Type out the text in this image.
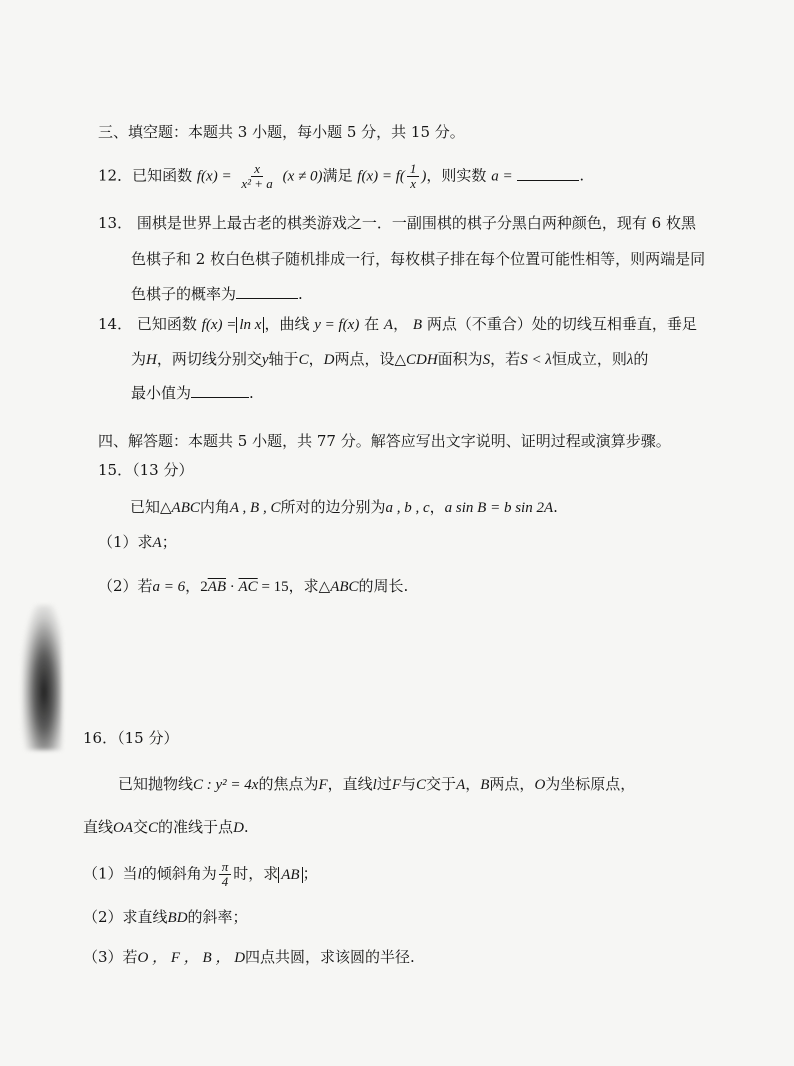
三、填空题：本题共 3 小题，每小题 5 分，共 15 分。
12．已知函数 $f(x) = \frac{x}{\text{x² + a}} (x \ne 0)$满足 $f(x) = f( \frac{1}{x}$ )，则实数 a =	.
13． 围棋是世界上最古老的棋类游戏之一．一副围棋的棋子分黑白两种颜色，现有 6 枚黑
色棋子和 2 枚白色棋子随机排成一行，每枚棋子排在每个位置可能性相等，则两端是同
色棋子的概率为	.
14． 已知函数 f(x) = ln x ，曲线 y = f(x) 在 A， B 两点（不重合）处的切线互相垂直，垂足
为H，两切线分别交y轴于C，D两点，设△CDH面积为S，若S < λ恒成立，则λ的
最小值为	.
四、解答题：本题共 5 小题，共 77 分。解答应写出文字说明、证明过程或演算步骤。
15．（13 分）
已知△ABC内角A , B , C所对的边分别为a , b , c，a sin B = b sin 2A.
（1）求A；
（2）若a = 6，$2\overline{AB} \cdot \overline{AC} = 15$，求△ABC的周长.
16．（15 分）
已知抛物线C : y² = 4x的焦点为F，直线l过F与C交于A，B两点，O为坐标原点，
直线OA交C的准线于点D.
（1）当l的倾斜角为 $\frac{\pi}{4}$ 时，求 AB ；
（2）求直线BD的斜率；
（3）若O ， F ， B ， D四点共圆，求该圆的半径.
